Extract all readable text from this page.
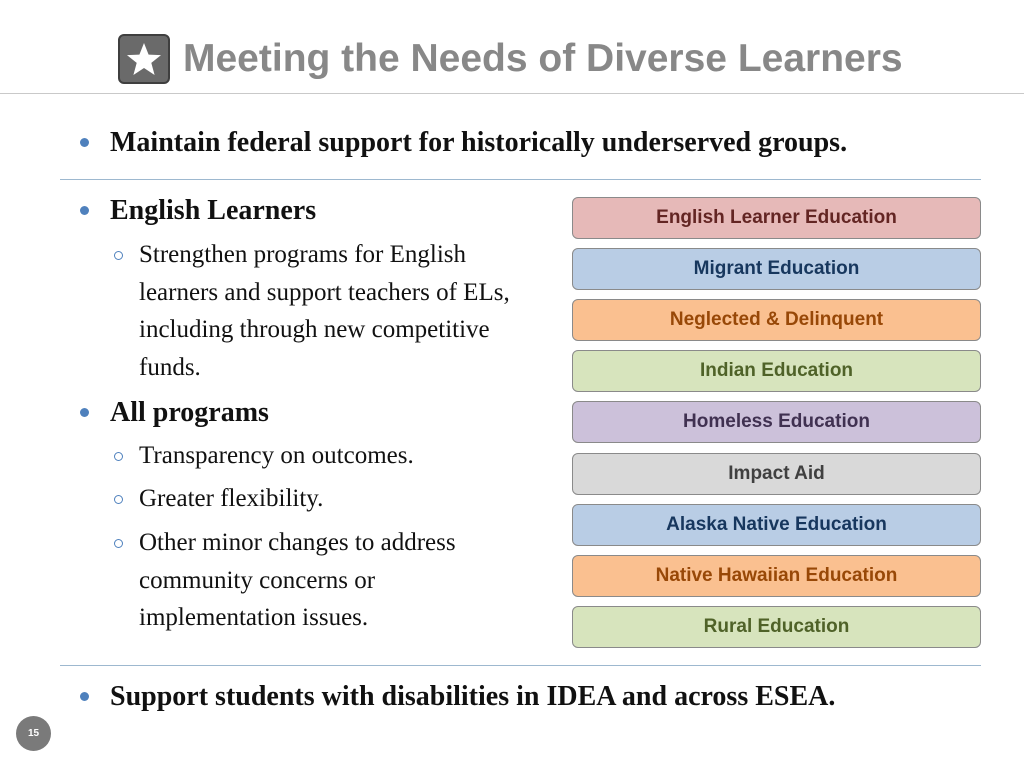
Meeting the Needs of Diverse Learners
Maintain federal support for historically underserved groups.
English Learners
Strengthen programs for English learners and support teachers of ELs, including through new competitive funds.
All programs
Transparency on outcomes.
Greater flexibility.
Other minor changes to address community concerns or implementation issues.
English Learner Education
Migrant Education
Neglected & Delinquent
Indian Education
Homeless Education
Impact Aid
Alaska Native Education
Native Hawaiian Education
Rural Education
Support students with disabilities in IDEA and across ESEA.
15
